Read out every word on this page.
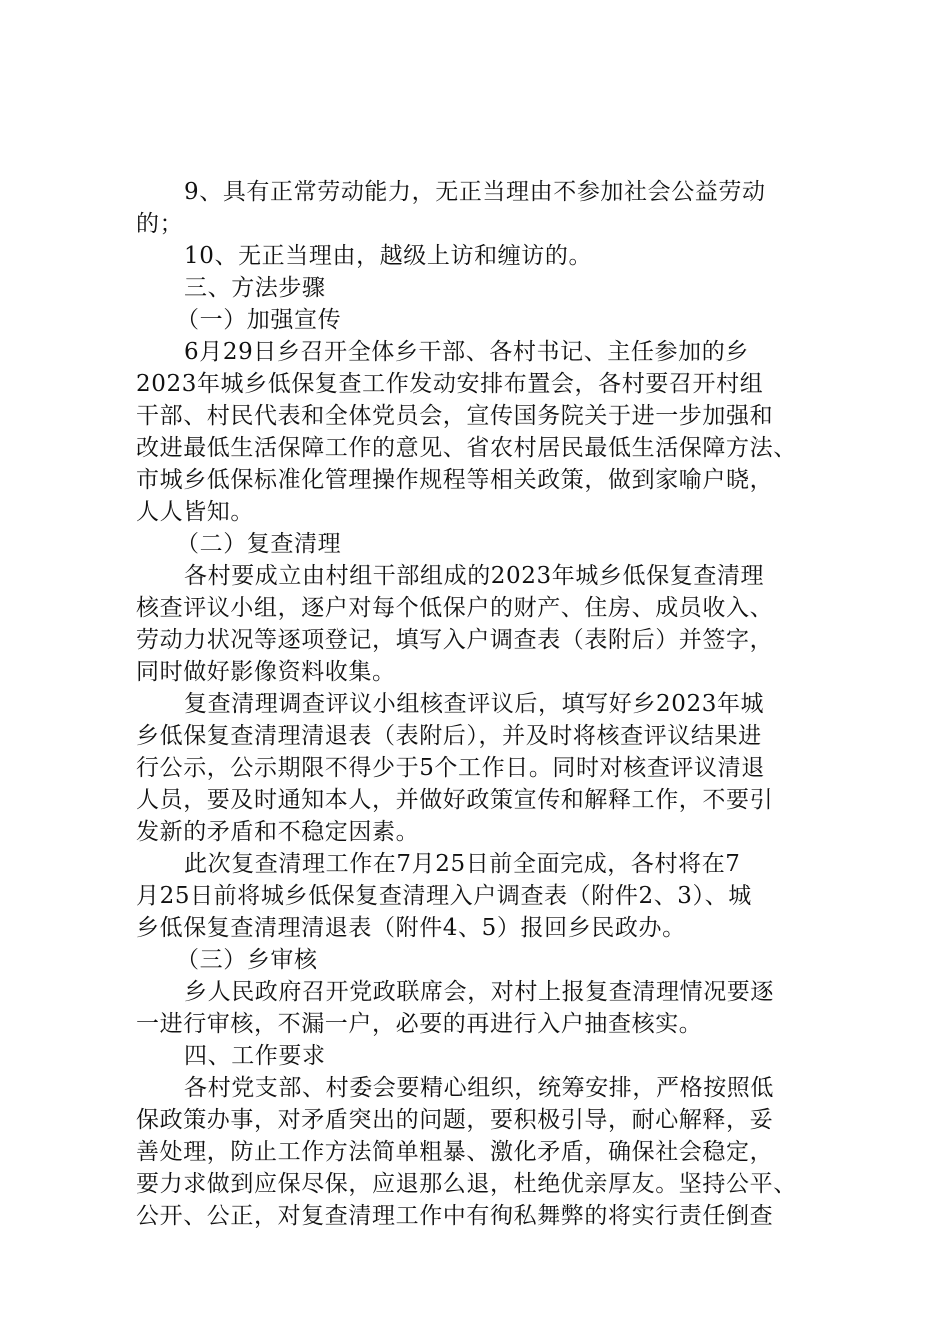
9、具有正常劳动能力，无正当理由不参加社会公益劳动
的；
10、无正当理由，越级上访和缠访的。
三、方法步骤
（一）加强宣传
6月29日乡召开全体乡干部、各村书记、主任参加的乡
2023年城乡低保复查工作发动安排布置会，各村要召开村组
干部、村民代表和全体党员会，宣传国务院关于进一步加强和
改进最低生活保障工作的意见、省农村居民最低生活保障方法、
市城乡低保标准化管理操作规程等相关政策，做到家喻户晓，
人人皆知。
（二）复查清理
各村要成立由村组干部组成的2023年城乡低保复查清理
核查评议小组，逐户对每个低保户的财产、住房、成员收入、
劳动力状况等逐项登记，填写入户调查表（表附后）并签字，
同时做好影像资料收集。
复查清理调查评议小组核查评议后，填写好乡2023年城
乡低保复查清理清退表（表附后），并及时将核查评议结果进
行公示，公示期限不得少于5个工作日。同时对核查评议清退
人员，要及时通知本人，并做好政策宣传和解释工作，不要引
发新的矛盾和不稳定因素。
此次复查清理工作在7月25日前全面完成，各村将在7
月25日前将城乡低保复查清理入户调查表（附件2、3）、城
乡低保复查清理清退表（附件4、5）报回乡民政办。
（三）乡审核
乡人民政府召开党政联席会，对村上报复查清理情况要逐
一进行审核，不漏一户，必要的再进行入户抽查核实。
四、工作要求
各村党支部、村委会要精心组织，统筹安排，严格按照低
保政策办事，对矛盾突出的问题，要积极引导，耐心解释，妥
善处理，防止工作方法简单粗暴、激化矛盾，确保社会稳定，
要力求做到应保尽保，应退那么退，杜绝优亲厚友。坚持公平、
公开、公正，对复查清理工作中有徇私舞弊的将实行责任倒查
